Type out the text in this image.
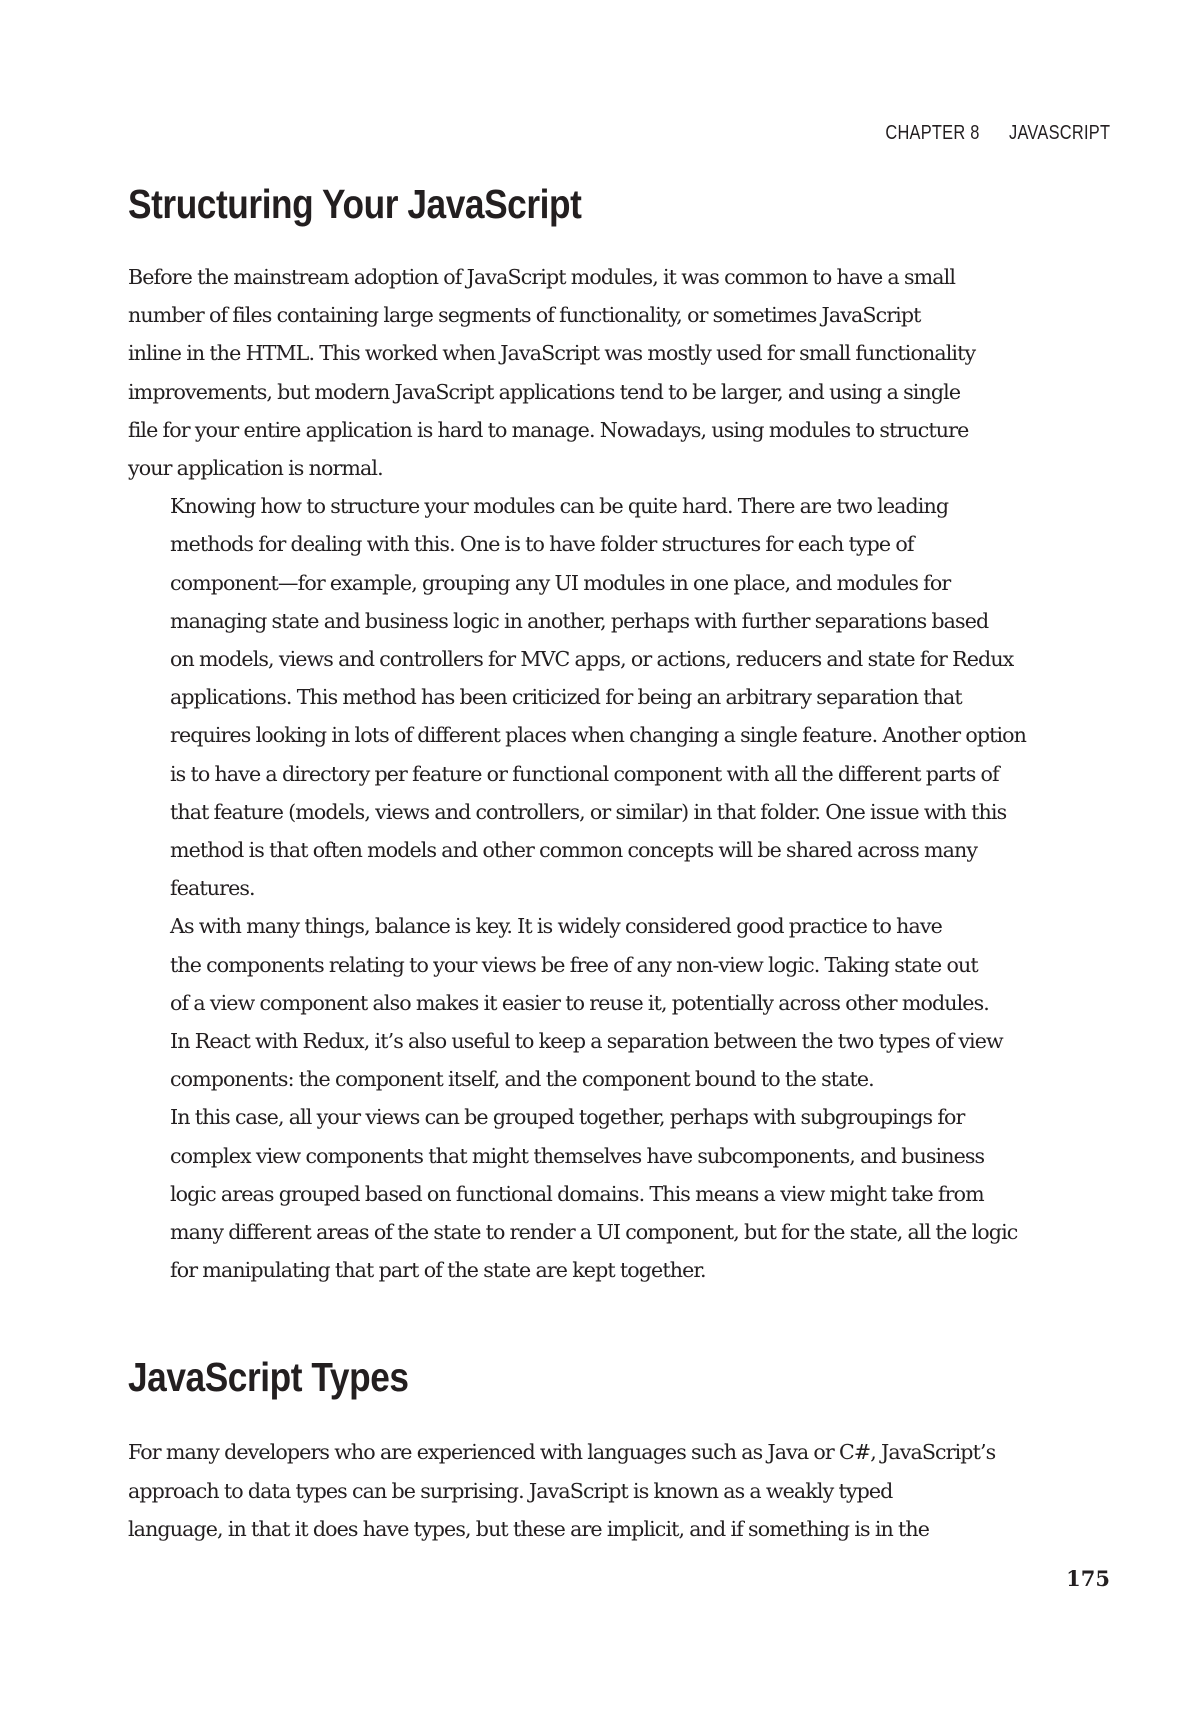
CHAPTER 8 JAVASCRIPT
Structuring Your JavaScript

Before the mainstream adoption of JavaScript modules, it was common to have a small
number of files containing large segments of functionality, or sometimes JavaScript
inline in the HTML. This worked when JavaScript was mostly used for small functionality
improvements, but modern JavaScript applications tend to be larger, and using a single
file for your entire application is hard to manage. Nowadays, using modules to structure
your application is normal.

Knowing how to structure your modules can be quite hard. There are two leading
methods for dealing with this. One is to have folder structures for each type of
component—for example, grouping any UI modules in one place, and modules for
managing state and business logic in another, perhaps with further separations based
on models, views and controllers for MVC apps, or actions, reducers and state for Redux
applications. This method has been criticized for being an arbitrary separation that
requires looking in lots of different places when changing a single feature. Another option
is to have a directory per feature or functional component with all the different parts of
that feature (models, views and controllers, or similar) in that folder. One issue with this
method is that often models and other common concepts will be shared across many
features.

As with many things, balance is key. It is widely considered good practice to have
the components relating to your views be free of any non-view logic. Taking state out
of a view component also makes it easier to reuse it, potentially across other modules.
In React with Redux, it’s also useful to keep a separation between the two types of view
components: the component itself, and the component bound to the state.

In this case, all your views can be grouped together, perhaps with subgroupings for
complex view components that might themselves have subcomponents, and business
logic areas grouped based on functional domains. This means a view might take from
many different areas of the state to render a UI component, but for the state, all the logic
for manipulating that part of the state are kept together.

JavaScript Types

For many developers who are experienced with languages such as Java or C#, JavaScript’s
approach to data types can be surprising. JavaScript is known as a weakly typed
language, in that it does have types, but these are implicit, and if something is in the

175
